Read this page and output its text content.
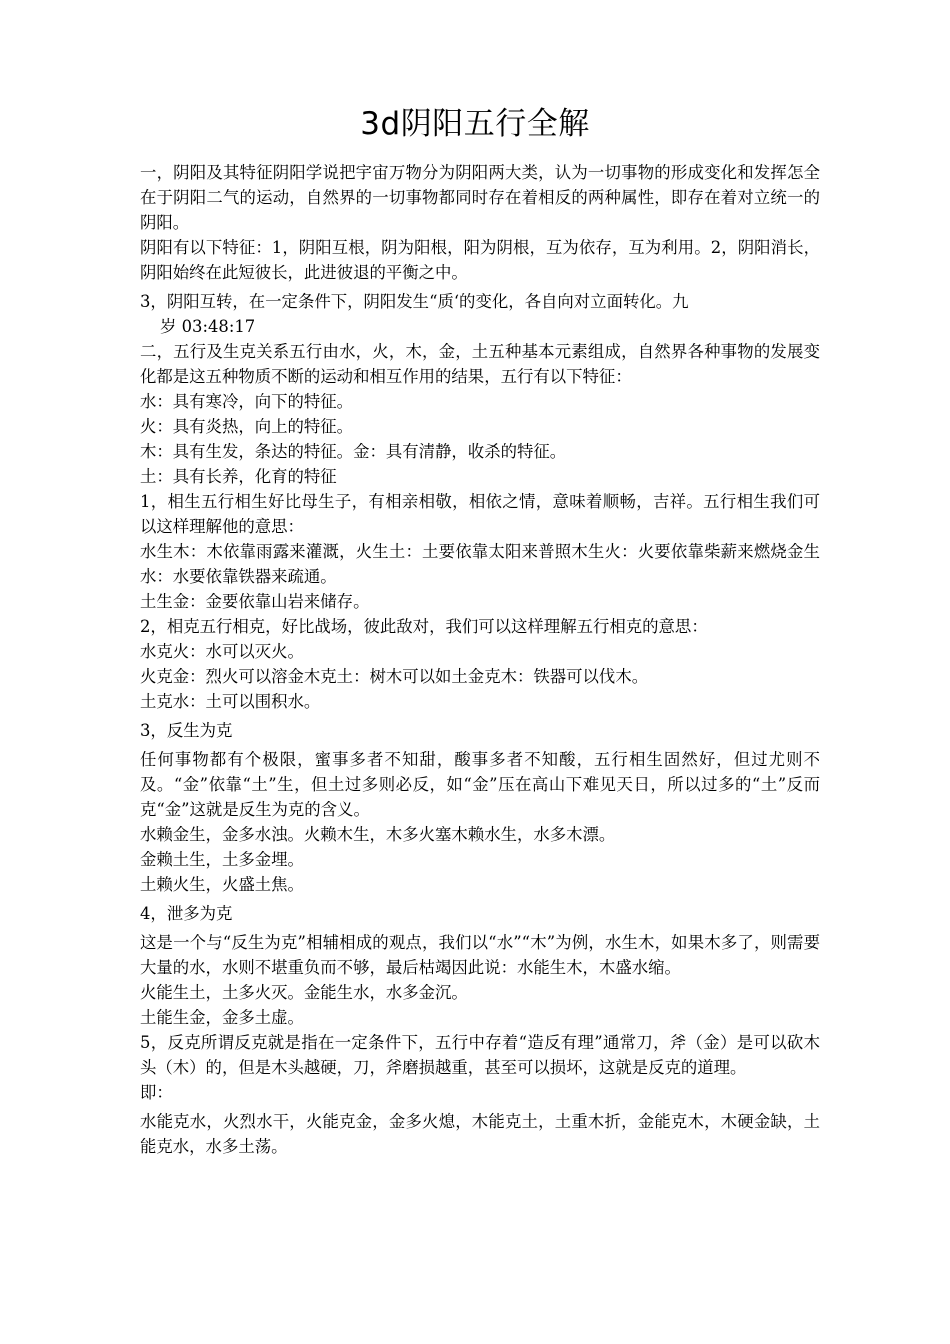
3d阴阳五行全解

一，阴阳及其特征阴阳学说把宇宙万物分为阴阳两大类，认为一切事物的形成变化和发挥怎全在于阴阳二气的运动，自然界的一切事物都同时存在着相反的两种属性，即存在着对立统一的阴阳。

阴阳有以下特征：1，阴阳互根，阴为阳根，阳为阴根，互为依存，互为利用。2，阴阳消长，阴阳始终在此短彼长，此进彼退的平衡之中。

3，阴阳互转，在一定条件下，阴阳发生“质‘的变化，各自向对立面转化。九

岁 03:48:17

二，五行及生克关系五行由水，火，木，金，土五种基本元素组成，自然界各种事物的发展变化都是这五种物质不断的运动和相互作用的结果，五行有以下特征：

水：具有寒冷，向下的特征。

火：具有炎热，向上的特征。

木：具有生发，条达的特征。金：具有清静，收杀的特征。

土：具有长养，化育的特征

1，相生五行相生好比母生子，有相亲相敬，相依之情，意味着顺畅，吉祥。五行相生我们可以这样理解他的意思：

水生木：木依靠雨露来灌溉，火生土：土要依靠太阳来普照木生火：火要依靠柴薪来燃烧金生水：水要依靠铁器来疏通。

土生金：金要依靠山岩来储存。

2，相克五行相克，好比战场，彼此敌对，我们可以这样理解五行相克的意思：

水克火：水可以灭火。

火克金：烈火可以溶金木克土：树木可以如土金克木：铁器可以伐木。

土克水：土可以围积水。

3，反生为克

任何事物都有个极限，蜜事多者不知甜，酸事多者不知酸，五行相生固然好，但过尤则不及。“金”依靠“土”生，但土过多则必反，如“金”压在高山下难见天日，所以过多的“土”反而克“金”这就是反生为克的含义。

水赖金生，金多水浊。火赖木生，木多火塞木赖水生，水多木漂。

金赖土生，土多金埋。

土赖火生，火盛土焦。

4，泄多为克

这是一个与“反生为克”相辅相成的观点，我们以“水”“木”为例，水生木，如果木多了，则需要大量的水，水则不堪重负而不够，最后枯竭因此说：水能生木，木盛水缩。

火能生土，土多火灭。金能生水，水多金沉。

土能生金，金多土虚。

5，反克所谓反克就是指在一定条件下，五行中存着“造反有理”通常刀，斧（金）是可以砍木头（木）的，但是木头越硬，刀，斧磨损越重，甚至可以损坏，这就是反克的道理。

即：

水能克水，火烈水干，火能克金，金多火熄，木能克土，土重木折，金能克木，木硬金缺，土能克水，水多土荡。
